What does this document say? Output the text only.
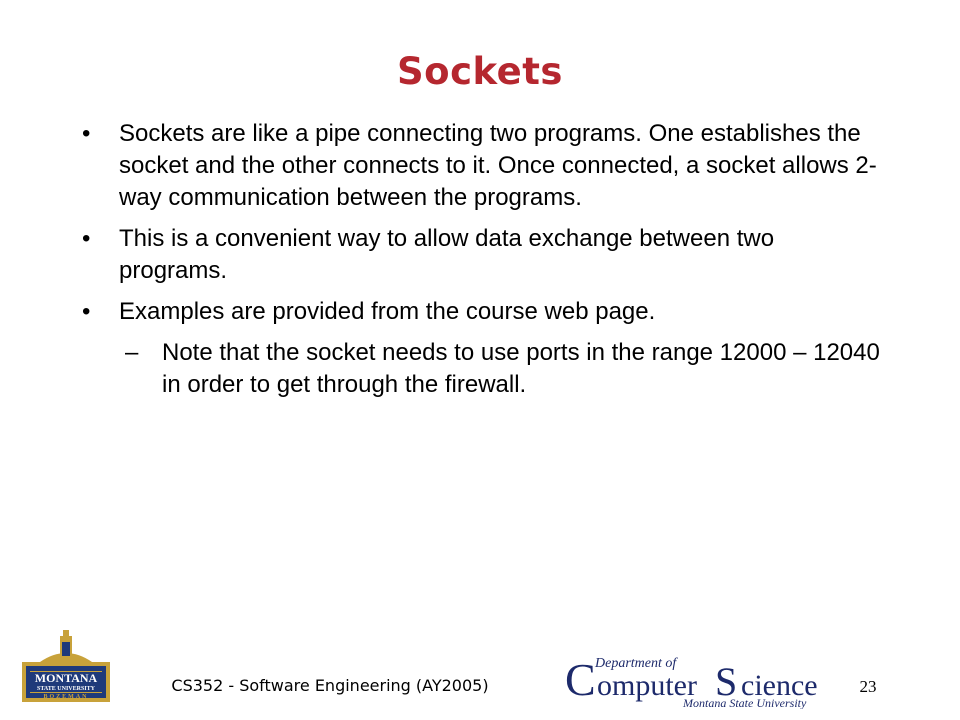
Sockets
• Sockets are like a pipe connecting two programs. One establishes the socket and the other connects to it. Once connected, a socket allows 2-way communication between the programs.
• This is a convenient way to allow data exchange between two programs.
• Examples are provided from the course web page.
– Note that the socket needs to use ports in the range 12000 – 12040 in order to get through the firewall.
MONTANA
STATE UNIVERSITY
BOZEMAN
CS352 - Software Engineering (AY2005)
Department of
C omputer S cience
Montana State University
23
